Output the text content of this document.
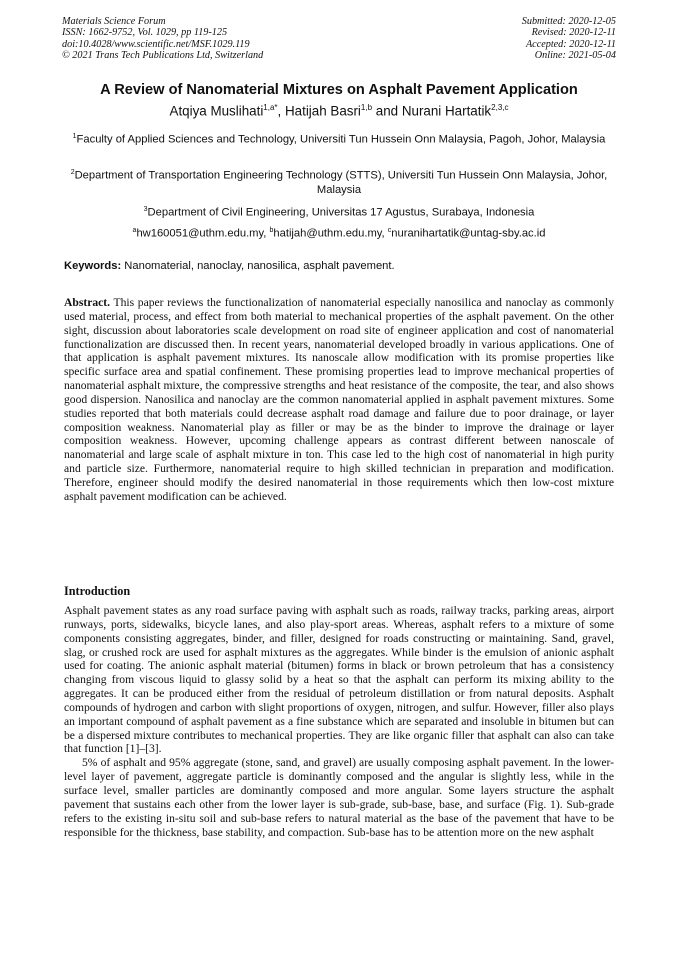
Materials Science Forum
ISSN: 1662-9752, Vol. 1029, pp 119-125
doi:10.4028/www.scientific.net/MSF.1029.119
© 2021 Trans Tech Publications Ltd, Switzerland
Submitted: 2020-12-05
Revised: 2020-12-11
Accepted: 2020-12-11
Online: 2021-05-04
A Review of Nanomaterial Mixtures on Asphalt Pavement Application
Atqiya Muslihati$^{1,a*}$, Hatijah Basri$^{1,b}$ and Nurani Hartatik$^{2,3,c}$
$^1$Faculty of Applied Sciences and Technology, Universiti Tun Hussein Onn Malaysia, Pagoh, Johor, Malaysia
$^2$Department of Transportation Engineering Technology (STTS), Universiti Tun Hussein Onn Malaysia, Johor, Malaysia
$^3$Department of Civil Engineering, Universitas 17 Agustus, Surabaya, Indonesia
$^a$hw160051@uthm.edu.my, $^b$hatijah@uthm.edu.my, $^c$nuranihartatik@untag-sby.ac.id
Keywords: Nanomaterial, nanoclay, nanosilica, asphalt pavement.

Abstract. This paper reviews the functionalization of nanomaterial especially nanosilica and nanoclay as commonly used material, process, and effect from both material to mechanical properties of the asphalt pavement. On the other sight, discussion about laboratories scale development on road site of engineer application and cost of nanomaterial functionalization are discussed then. In recent years, nanomaterial developed broadly in various applications. One of that application is asphalt pavement mixtures. Its nanoscale allow modification with its promise properties like specific surface area and spatial confinement. These promising properties lead to improve mechanical properties of nanomaterial asphalt mixture, the compressive strengths and heat resistance of the composite, the tear, and also shows good dispersion. Nanosilica and nanoclay are the common nanomaterial applied in asphalt pavement mixtures. Some studies reported that both materials could decrease asphalt road damage and failure due to poor drainage, or layer composition weakness. Nanomaterial play as filler or may be as the binder to improve the drainage or layer composition weakness. However, upcoming challenge appears as contrast different between nanoscale of nanomaterial and large scale of asphalt mixture in ton. This case led to the high cost of nanomaterial in high purity and particle size. Furthermore, nanomaterial require to high skilled technician in preparation and modification. Therefore, engineer should modify the desired nanomaterial in those requirements which then low-cost mixture asphalt pavement modification can be achieved.

Introduction

Asphalt pavement states as any road surface paving with asphalt such as roads, railway tracks, parking areas, airport runways, ports, sidewalks, bicycle lanes, and also play-sport areas. Whereas, asphalt refers to a mixture of some components consisting aggregates, binder, and filler, designed for roads constructing or maintaining. Sand, gravel, slag, or crushed rock are used for asphalt mixtures as the aggregates. While binder is the emulsion of anionic asphalt used for coating. The anionic asphalt material (bitumen) forms in black or brown petroleum that has a consistency changing from viscous liquid to glassy solid by a heat so that the asphalt can perform its mixing ability to the aggregates. It can be produced either from the residual of petroleum distillation or from natural deposits. Asphalt compounds of hydrogen and carbon with slight proportions of oxygen, nitrogen, and sulfur. However, filler also plays an important compound of asphalt pavement as a fine substance which are separated and insoluble in bitumen but can be a dispersed mixture contributes to mechanical properties. They are like organic filler that asphalt can also can take that function [1]–[3].

5% of asphalt and 95% aggregate (stone, sand, and gravel) are usually composing asphalt pavement. In the lower-level layer of pavement, aggregate particle is dominantly composed and the angular is slightly less, while in the surface level, smaller particles are dominantly composed and more angular. Some layers structure the asphalt pavement that sustains each other from the lower layer is sub-grade, sub-base, base, and surface (Fig. 1). Sub-grade refers to the existing in-situ soil and sub-base refers to natural material as the base of the pavement that have to be responsible for the thickness, base stability, and compaction. Sub-base has to be attention more on the new asphalt
